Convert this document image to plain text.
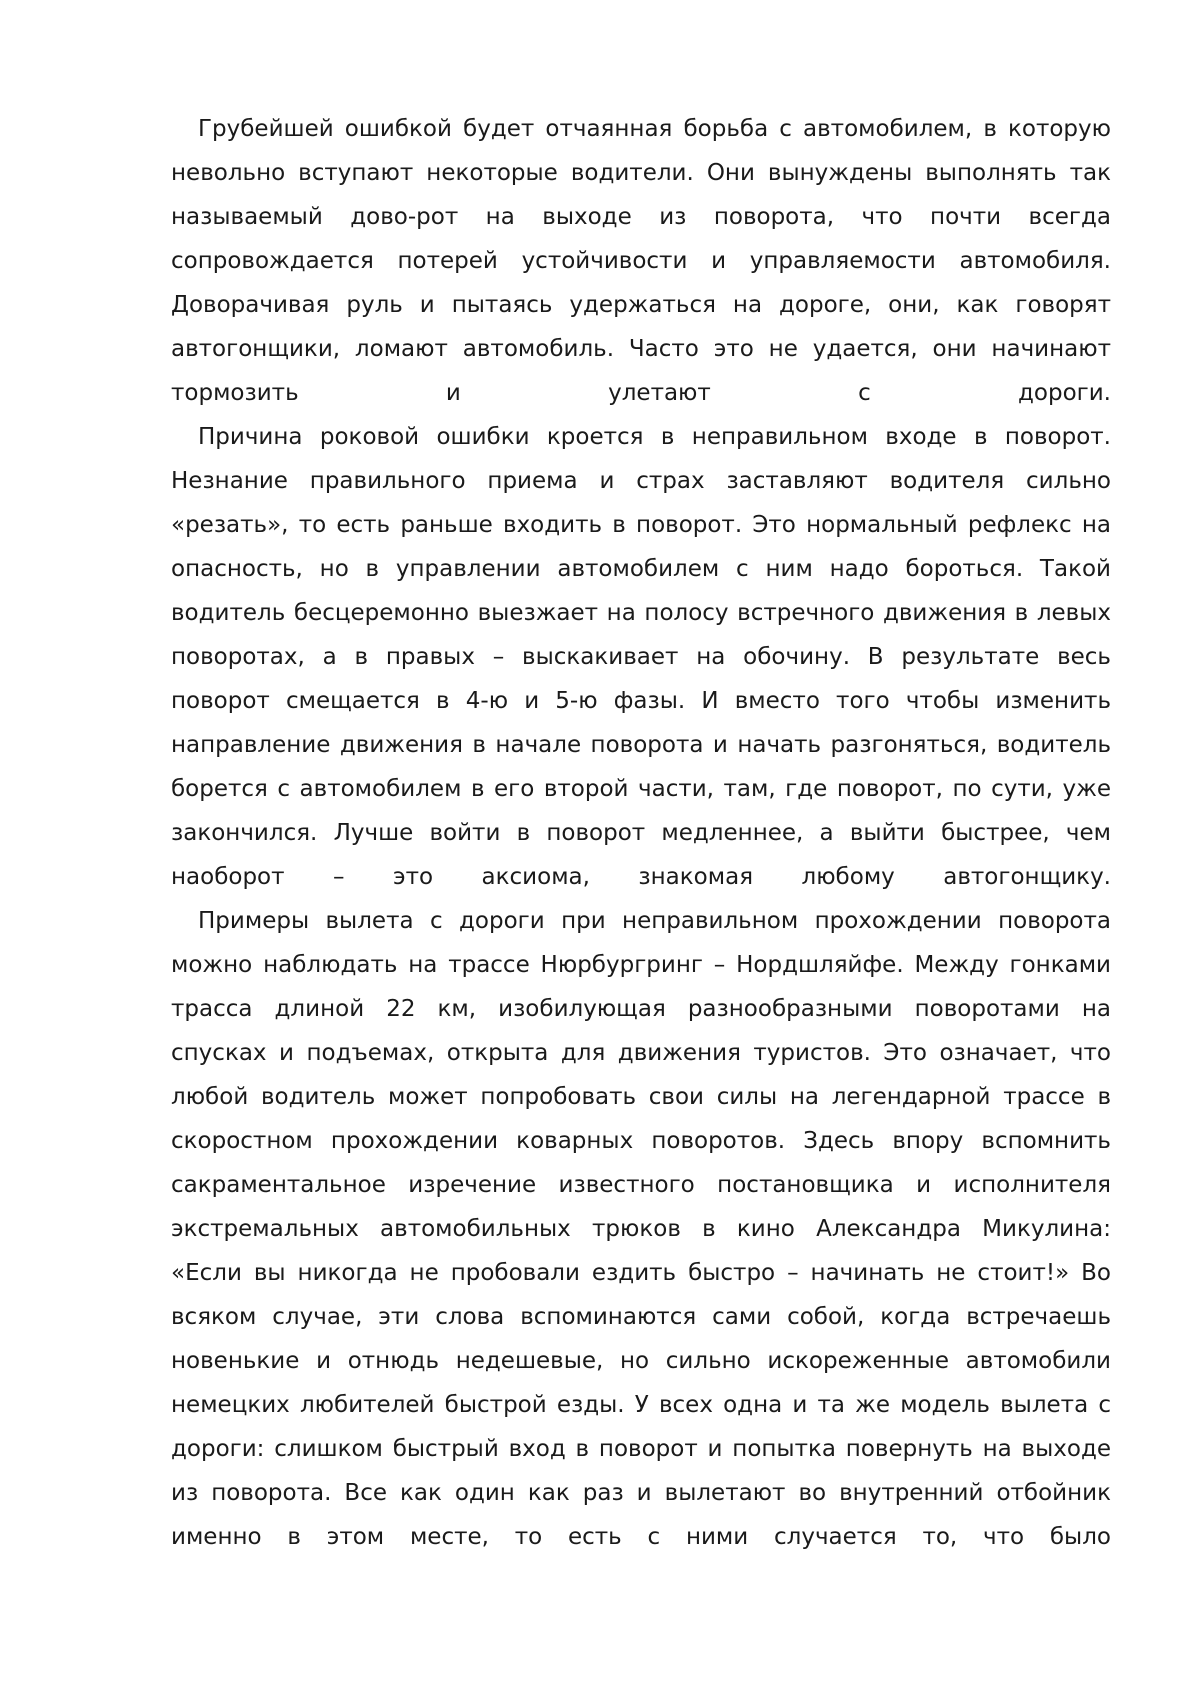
Грубейшей ошибкой будет отчаянная борьба с автомобилем, в которую невольно вступают некоторые водители. Они вынуждены выполнять так называемый дово-рот на выходе из поворота, что почти всегда сопровождается потерей устойчивости и управляемости автомобиля. Доворачивая руль и пытаясь удержаться на дороге, они, как говорят автогонщики, ломают автомобиль. Часто это не удается, они начинают тормозить и улетают с дороги.

Причина роковой ошибки кроется в неправильном входе в поворот. Незнание правильного приема и страх заставляют водителя сильно «резать», то есть раньше входить в поворот. Это нормальный рефлекс на опасность, но в управлении автомобилем с ним надо бороться. Такой водитель бесцеремонно выезжает на полосу встречного движения в левых поворотах, а в правых – выскакивает на обочину. В результате весь поворот смещается в 4-ю и 5-ю фазы. И вместо того чтобы изменить направление движения в начале поворота и начать разгоняться, водитель борется с автомобилем в его второй части, там, где поворот, по сути, уже закончился. Лучше войти в поворот медленнее, а выйти быстрее, чем наоборот – это аксиома, знакомая любому автогонщику.

Примеры вылета с дороги при неправильном прохождении поворота можно наблюдать на трассе Нюрбургринг – Нордшляйфе. Между гонками трасса длиной 22 км, изобилующая разнообразными поворотами на спусках и подъемах, открыта для движения туристов. Это означает, что любой водитель может попробовать свои силы на легендарной трассе в скоростном прохождении коварных поворотов. Здесь впору вспомнить сакраментальное изречение известного постановщика и исполнителя экстремальных автомобильных трюков в кино Александра Микулина: «Если вы никогда не пробовали ездить быстро – начинать не стоит!» Во всяком случае, эти слова вспоминаются сами собой, когда встречаешь новенькие и отнюдь недешевые, но сильно искореженные автомобили немецких любителей быстрой езды. У всех одна и та же модель вылета с дороги: слишком быстрый вход в поворот и попытка повернуть на выходе из поворота. Все как один как раз и вылетают во внутренний отбойник именно в этом месте, то есть с ними случается то, что было
